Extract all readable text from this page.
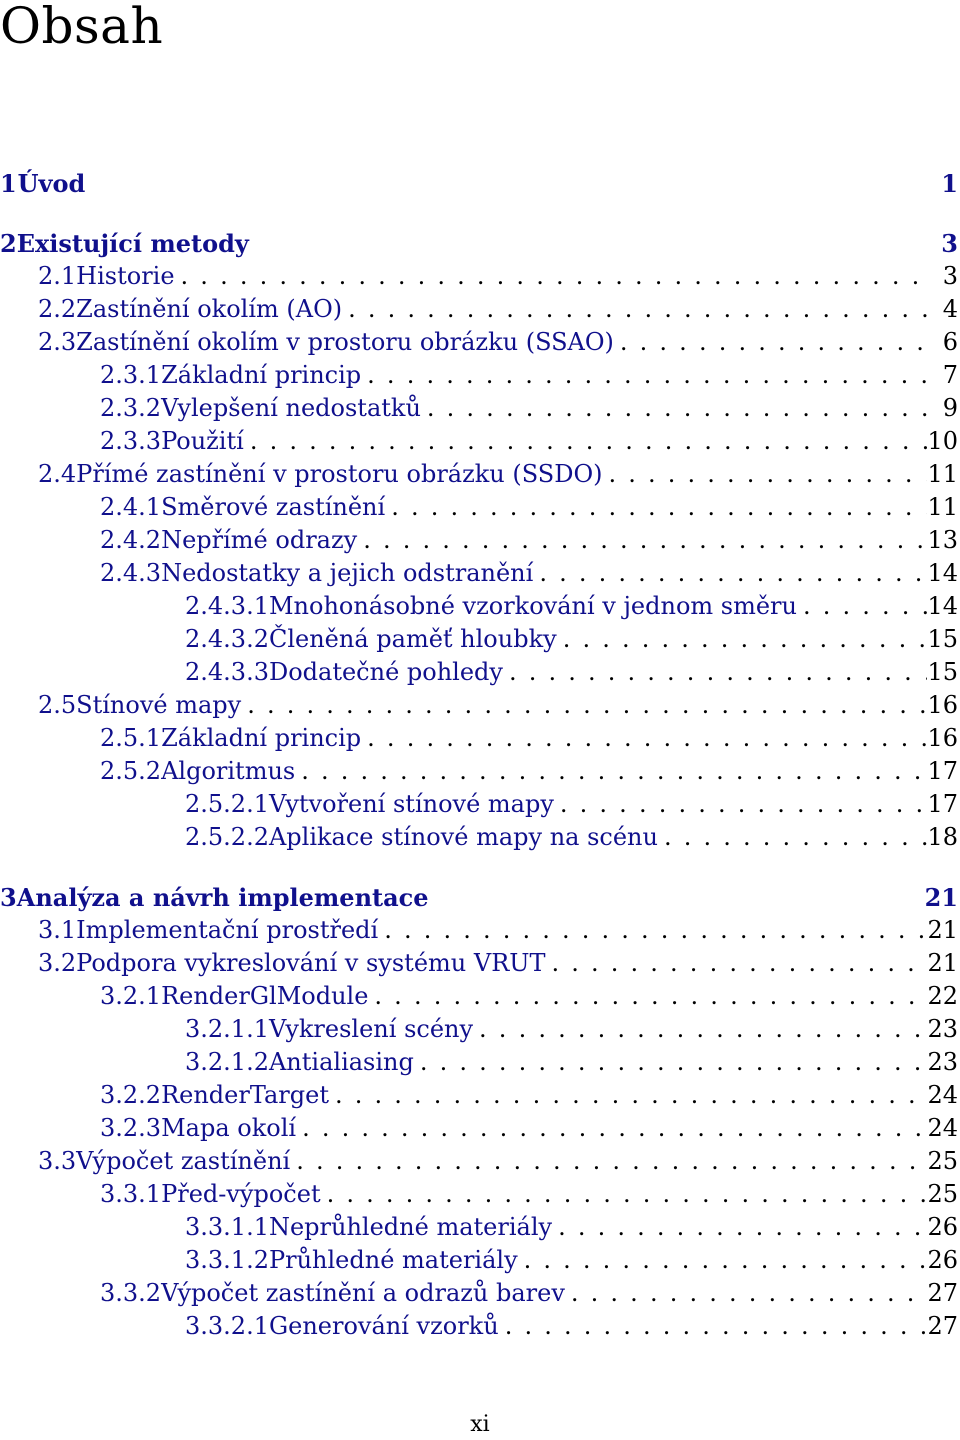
Obsah
1 Úvod	1
2 Existující metody	3
2.1 Historie . . .	3
2.2 Zastínění okolím (AO) . . .	4
2.3 Zastínění okolím v prostoru obrázku (SSAO) . . .	6
2.3.1 Základní princip . . .	7
2.3.2 Vylepšení nedostatků . . .	9
2.3.3 Použití . . .	10
2.4 Přímé zastínění v prostoru obrázku (SSDO) . . .	11
2.4.1 Směrové zastínění . . .	11
2.4.2 Nepřímé odrazy . . .	13
2.4.3 Nedostatky a jejich odstranění . . .	14
2.4.3.1 Mnohonásobné vzorkování v jednom směru . . .	14
2.4.3.2 Členěná paměť hloubky . . .	15
2.4.3.3 Dodatečné pohledy . . .	15
2.5 Stínové mapy . . .	16
2.5.1 Základní princip . . .	16
2.5.2 Algoritmus . . .	17
2.5.2.1 Vytvoření stínové mapy . . .	17
2.5.2.2 Aplikace stínové mapy na scénu . . .	18
3 Analýza a návrh implementace	21
3.1 Implementační prostředí . . .	21
3.2 Podpora vykreslování v systému VRUT . . .	21
3.2.1 RenderGlModule . . .	22
3.2.1.1 Vykreslení scény . . .	23
3.2.1.2 Antialiasing . . .	23
3.2.2 RenderTarget . . .	24
3.2.3 Mapa okolí . . .	24
3.3 Výpočet zastínění . . .	25
3.3.1 Před-výpočet . . .	25
3.3.1.1 Neprůhledné materiály . . .	26
3.3.1.2 Průhledné materiály . . .	26
3.3.2 Výpočet zastínění a odrazů barev . . .	27
3.3.2.1 Generování vzorků . . .	27
xi
